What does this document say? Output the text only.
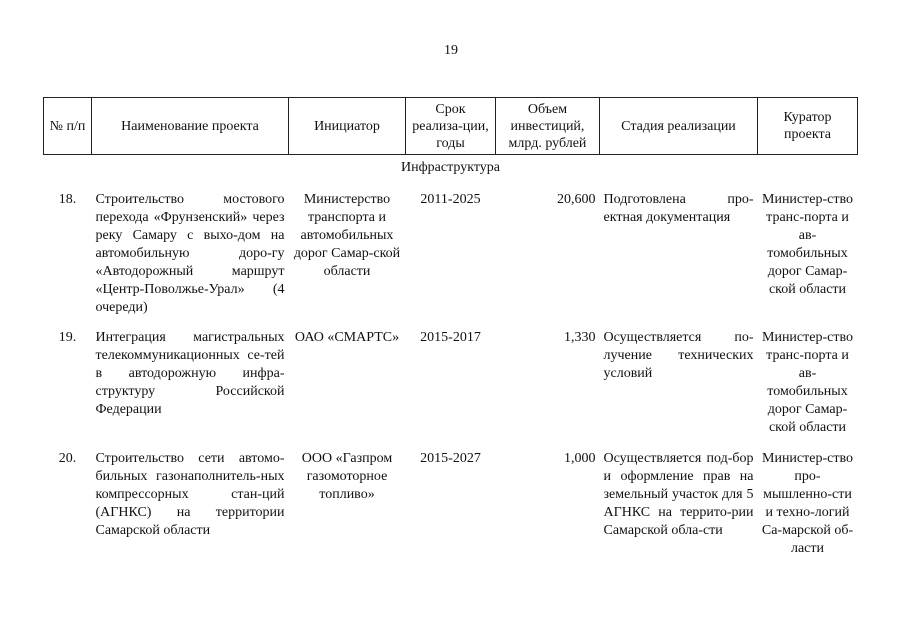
19
№ п/п	Наименование проекта	Инициатор	Срок реализа-ции, годы	Объем инвестиций, млрд. рублей	Стадия реализации	Куратор проекта
Инфраструктура						
18.	Строительство мостового перехода «Фрунзенский» через реку Самару с выхо-дом на автомобильную доро-гу «Автодорожный маршрут «Центр-Поволжье-Урал» (4 очереди)	Министерство транспорта и автомобильных дорог Самар-ской области	2011-2025	20,600	Подготовлена про-ектная документация	Министер-ство транс-порта и ав-томобильных дорог Самар-ской области
19.	Интеграция магистральных телекоммуникационных се-тей в автодорожную инфра-структуру Российской Федерации	ОАО «СМАРТС»	2015-2017	1,330	Осуществляется по-лучение технических условий	Министер-ство транс-порта и ав-томобильных дорог Самар-ской области
20.	Строительство сети автомо-бильных газонаполнитель-ных компрессорных стан-ций (АГНКС) на территории Самарской области	ООО «Газпром газомоторное топливо»	2015-2027	1,000	Осуществляется под-бор и оформление прав на земельный участок для 5 АГНКС на террито-рии Самарской обла-сти	Министер-ство про-мышленно-сти и техно-логий Са-марской об-ласти
